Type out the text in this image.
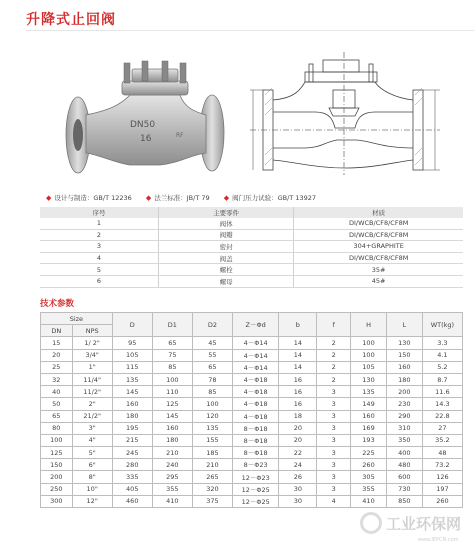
升降式止回阀
DN50
16	RF
◆ 设计与制造：GB/T 12236 ◆ 法兰标准：JB/T 79 ◆ 阀门压力试验：GB/T 13927
序号	主要零件	材质
1	阀体	DI/WCB/CF8/CF8M
2	阀瓣	DI/WCB/CF8/CF8M
3	密封	304+GRAPHITE
4	阀盖	DI/WCB/CF8/CF8M
5	螺栓	35#
6	螺母	45#
技术参数
Size		D	D1	D2	Z－Φd	b	f	H	L	WT(kg)
DN	NPS									
15	1/ 2"	95	65	45	4－Φ14	14	2	100	130	3.3
20	3/4"	105	75	55	4－Φ14	14	2	100	150	4.1
25	1"	115	85	65	4－Φ14	14	2	105	160	5.2
32	11/4"	135	100	78	4－Φ18	16	2	130	180	8.7
40	11/2"	145	110	85	4－Φ18	16	3	135	200	11.6
50	2"	160	125	100	4－Φ18	16	3	149	230	14.3
65	21/2"	180	145	120	4－Φ18	18	3	160	290	22.8
80	3"	195	160	135	8－Φ18	20	3	169	310	27
100	4"	215	180	155	8－Φ18	20	3	193	350	35.2
125	5"	245	210	185	8－Φ18	22	3	225	400	48
150	6"	280	240	210	8－Φ23	24	3	260	480	73.2
200	8"	335	295	265	12－Φ23	26	3	305	600	126
250	10"	405	355	320	12－Φ25	30	3	355	730	197
300	12"	460	410	375	12－Φ25	30	4	410	850	260
工业环保网
www.IEPCN.com
